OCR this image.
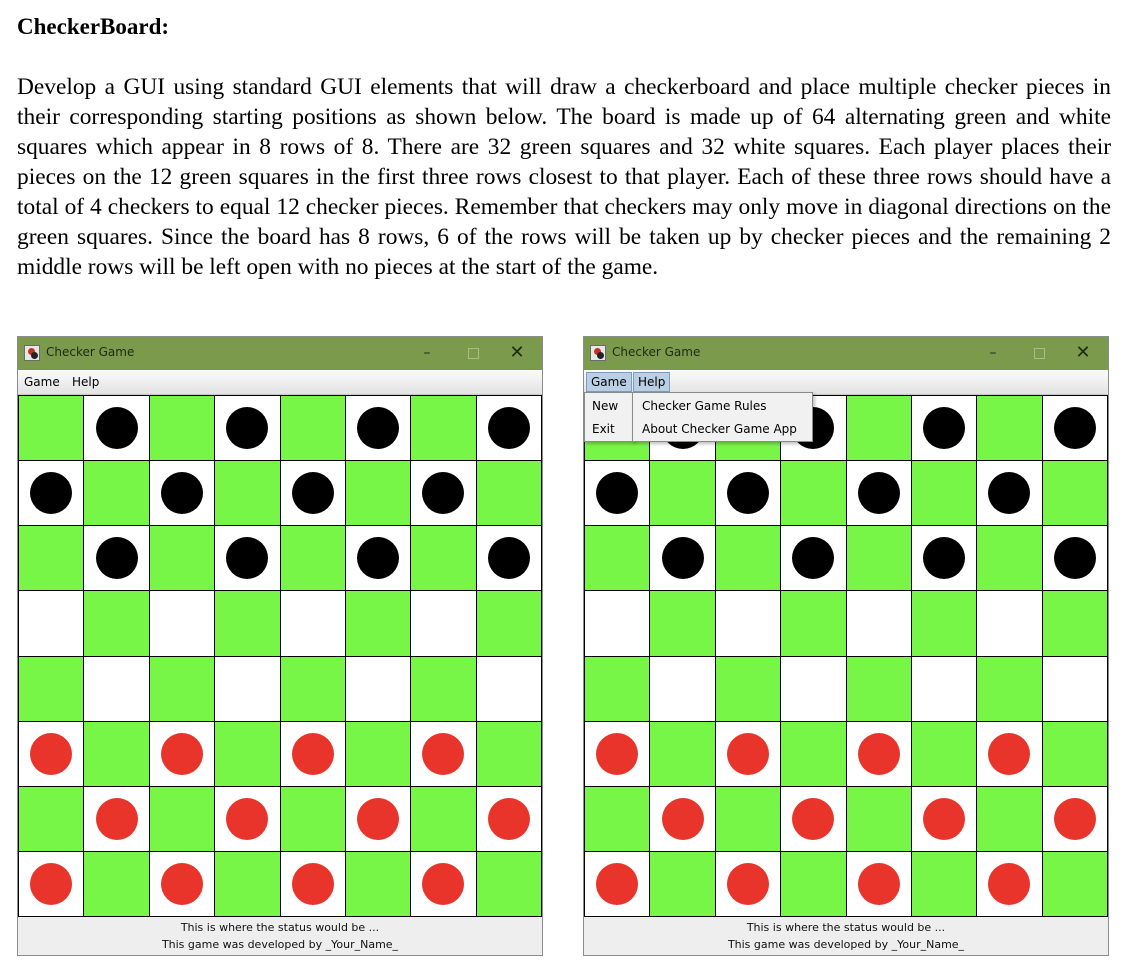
CheckerBoard:

Develop a GUI using standard GUI elements that will draw a checkerboard and place multiple checker pieces in their corresponding starting positions as shown below. The board is made up of 64 alternating green and white squares which appear in 8 rows of 8. There are 32 green squares and 32 white squares. Each player places their pieces on the 12 green squares in the first three rows closest to that player. Each of these three rows should have a total of 4 checkers to equal 12 checker pieces. Remember that checkers may only move in diagonal directions on the green squares. Since the board has 8 rows, 6 of the rows will be taken up by checker pieces and the remaining 2 middle rows will be left open with no pieces at the start of the game.

Checker Game	–	✕
Game	Help
This is where the status would be ...
This game was developed by _Your_Name_
Checker Game	–	✕
Game Help
This is where the status would be ...
This game was developed by _Your_Name_
New
Exit
Checker Game Rules
About Checker Game App
